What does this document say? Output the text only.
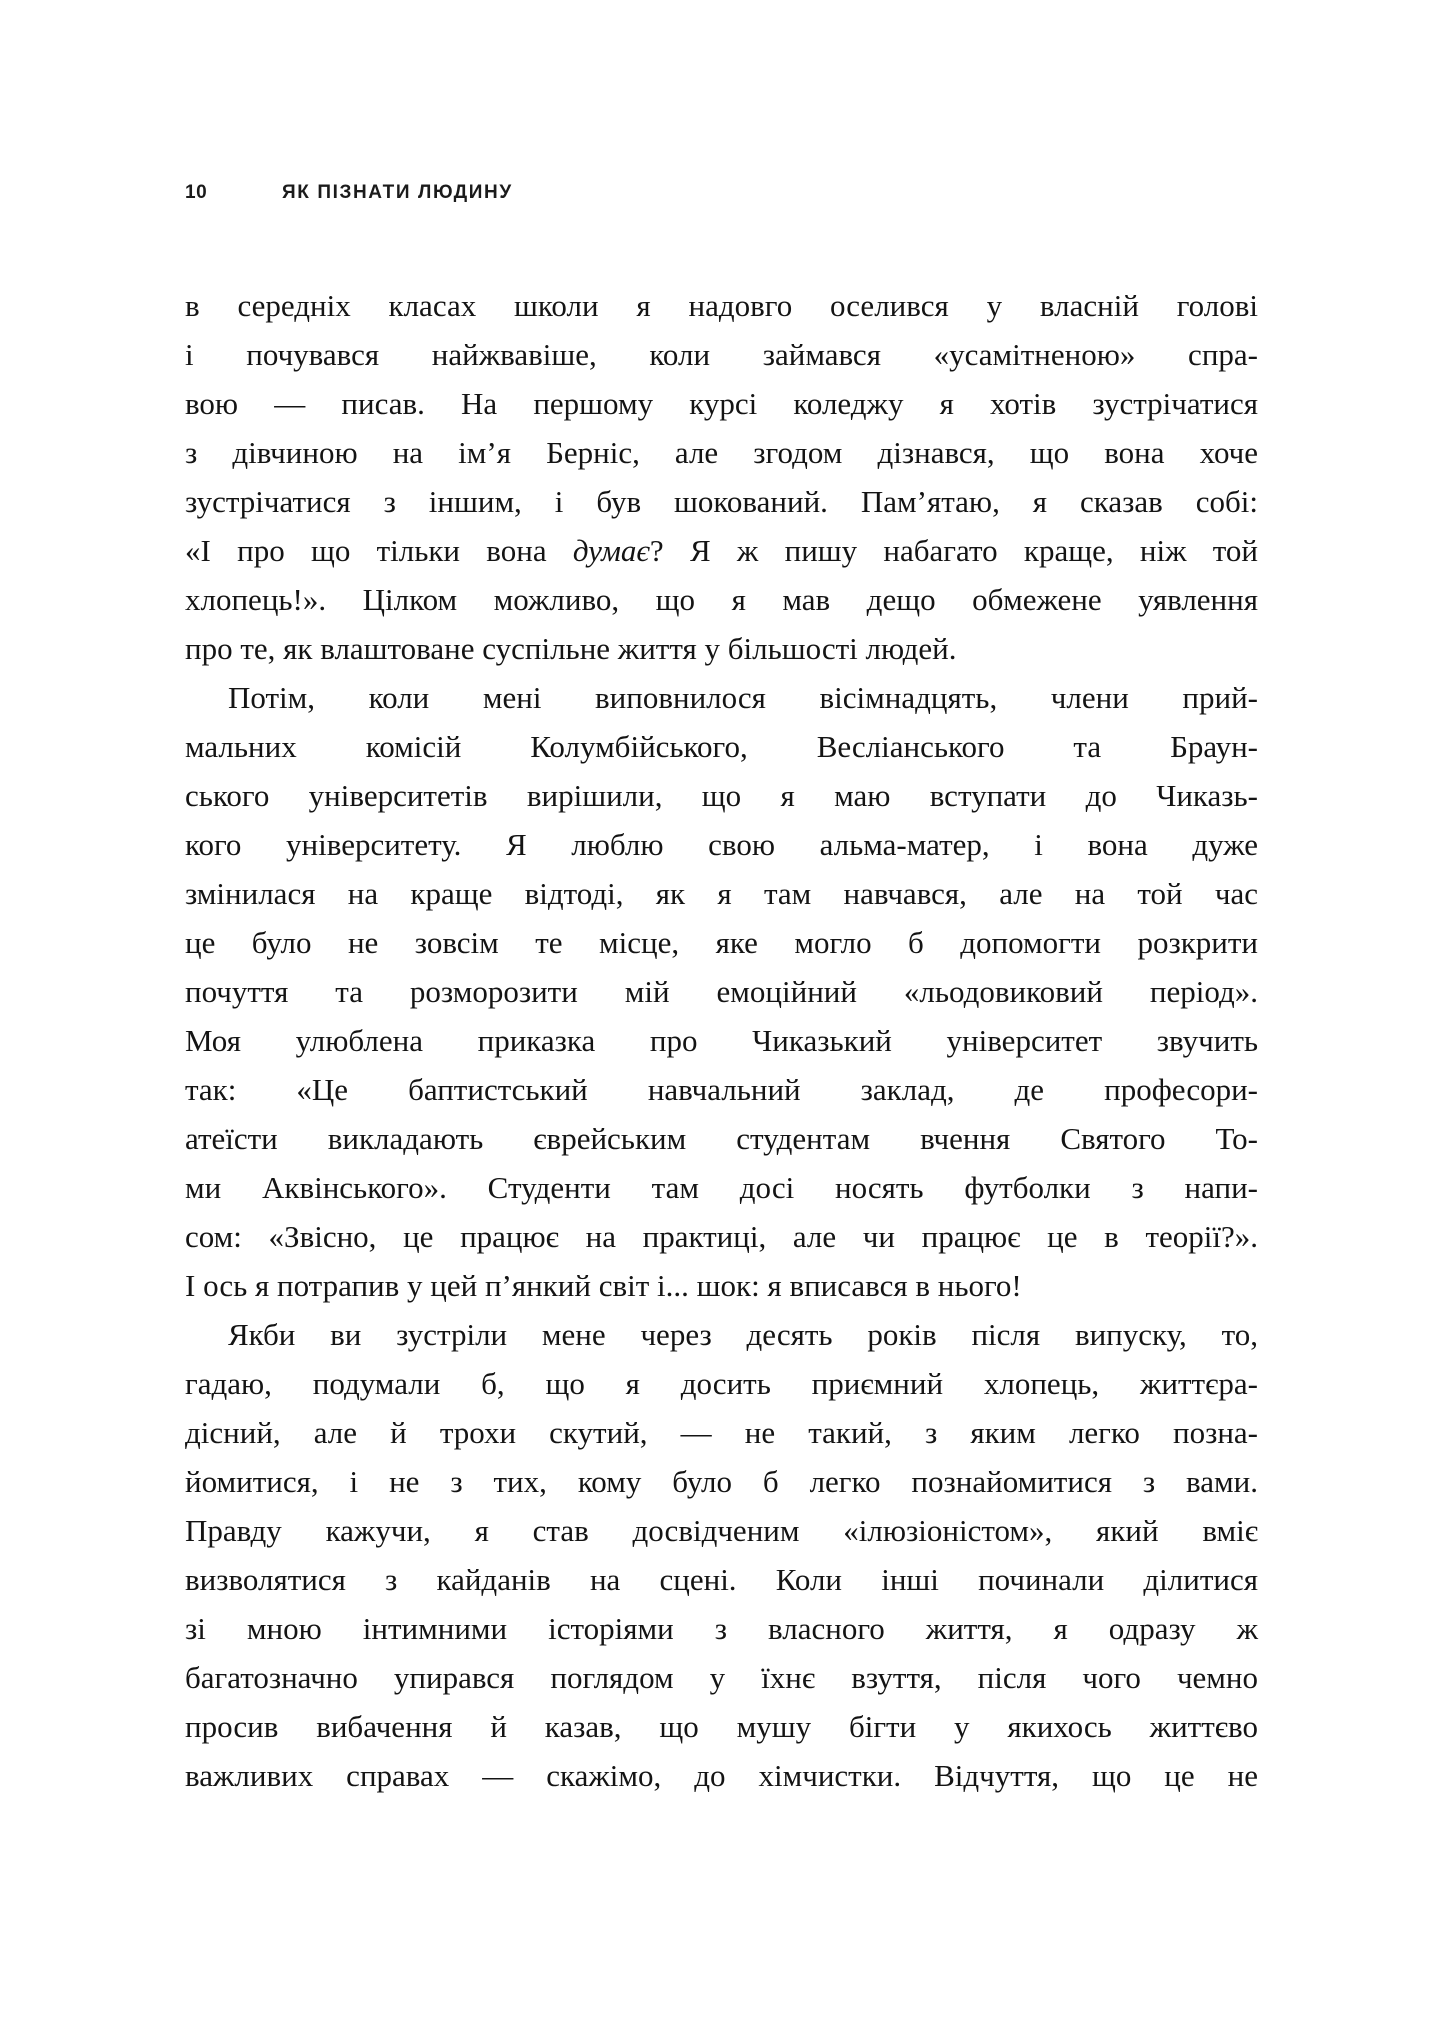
10	ЯК ПІЗНАТИ ЛЮДИНУ
в середніх класах школи я надовго оселився у власній голові
і почувався найжвавіше, коли займався «усамітненою» спра-
вою — писав. На першому курсі коледжу я хотів зустрічатися
з дівчиною на ім’я Берніс, але згодом дізнався, що вона хоче
зустрічатися з іншим, і був шокований. Пам’ятаю, я сказав собі:
«І про що тільки вона думає? Я ж пишу набагато краще, ніж той
хлопець!». Цілком можливо, що я мав дещо обмежене уявлення
про те, як влаштоване суспільне життя у більшості людей.
Потім, коли мені виповнилося вісімнадцять, члени прий-
мальних комісій Колумбійського, Весліанського та Браун-
ського університетів вирішили, що я маю вступати до Чиказь-
кого університету. Я люблю свою альма-матер, і вона дуже
змінилася на краще відтоді, як я там навчався, але на той час
це було не зовсім те місце, яке могло б допомогти розкрити
почуття та розморозити мій емоційний «льодовиковий період».
Моя улюблена приказка про Чиказький університет звучить
так: «Це баптистський навчальний заклад, де професори-
атеїсти викладають єврейським студентам вчення Святого То-
ми Аквінського». Студенти там досі носять футболки з напи-
сом: «Звісно, це працює на практиці, але чи працює це в теорії?».
І ось я потрапив у цей п’янкий світ і... шок: я вписався в нього!
Якби ви зустріли мене через десять років після випуску, то,
гадаю, подумали б, що я досить приємний хлопець, життєра-
дісний, але й трохи скутий, — не такий, з яким легко позна-
йомитися, і не з тих, кому було б легко познайомитися з вами.
Правду кажучи, я став досвідченим «ілюзіоністом», який вміє
визволятися з кайданів на сцені. Коли інші починали ділитися
зі мною інтимними історіями з власного життя, я одразу ж
багатозначно упирався поглядом у їхнє взуття, після чого чемно
просив вибачення й казав, що мушу бігти у якихось життєво
важливих справах — скажімо, до хімчистки. Відчуття, що це не
